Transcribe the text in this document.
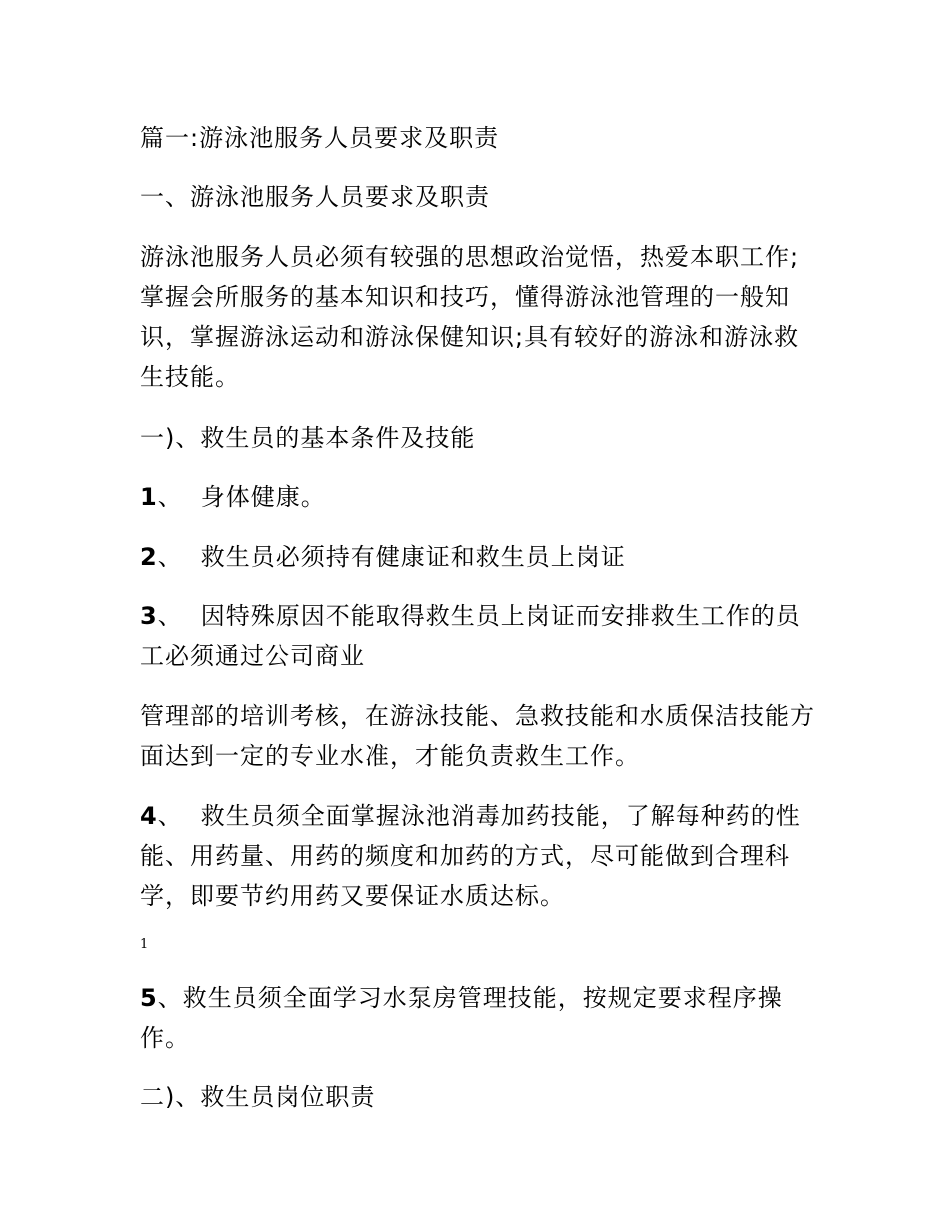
篇一:游泳池服务人员要求及职责

一、游泳池服务人员要求及职责

游泳池服务人员必须有较强的思想政治觉悟，热爱本职工作;掌握会所服务的基本知识和技巧，懂得游泳池管理的一般知识，掌握游泳运动和游泳保健知识;具有较好的游泳和游泳救生技能。

一)、救生员的基本条件及技能

1、 身体健康。

2、 救生员必须持有健康证和救生员上岗证

3、 因特殊原因不能取得救生员上岗证而安排救生工作的员工必须通过公司商业

管理部的培训考核，在游泳技能、急救技能和水质保洁技能方面达到一定的专业水准，才能负责救生工作。

4、 救生员须全面掌握泳池消毒加药技能，了解每种药的性能、用药量、用药的频度和加药的方式，尽可能做到合理科学，即要节约用药又要保证水质达标。

1

5、救生员须全面学习水泵房管理技能，按规定要求程序操作。

二)、救生员岗位职责
